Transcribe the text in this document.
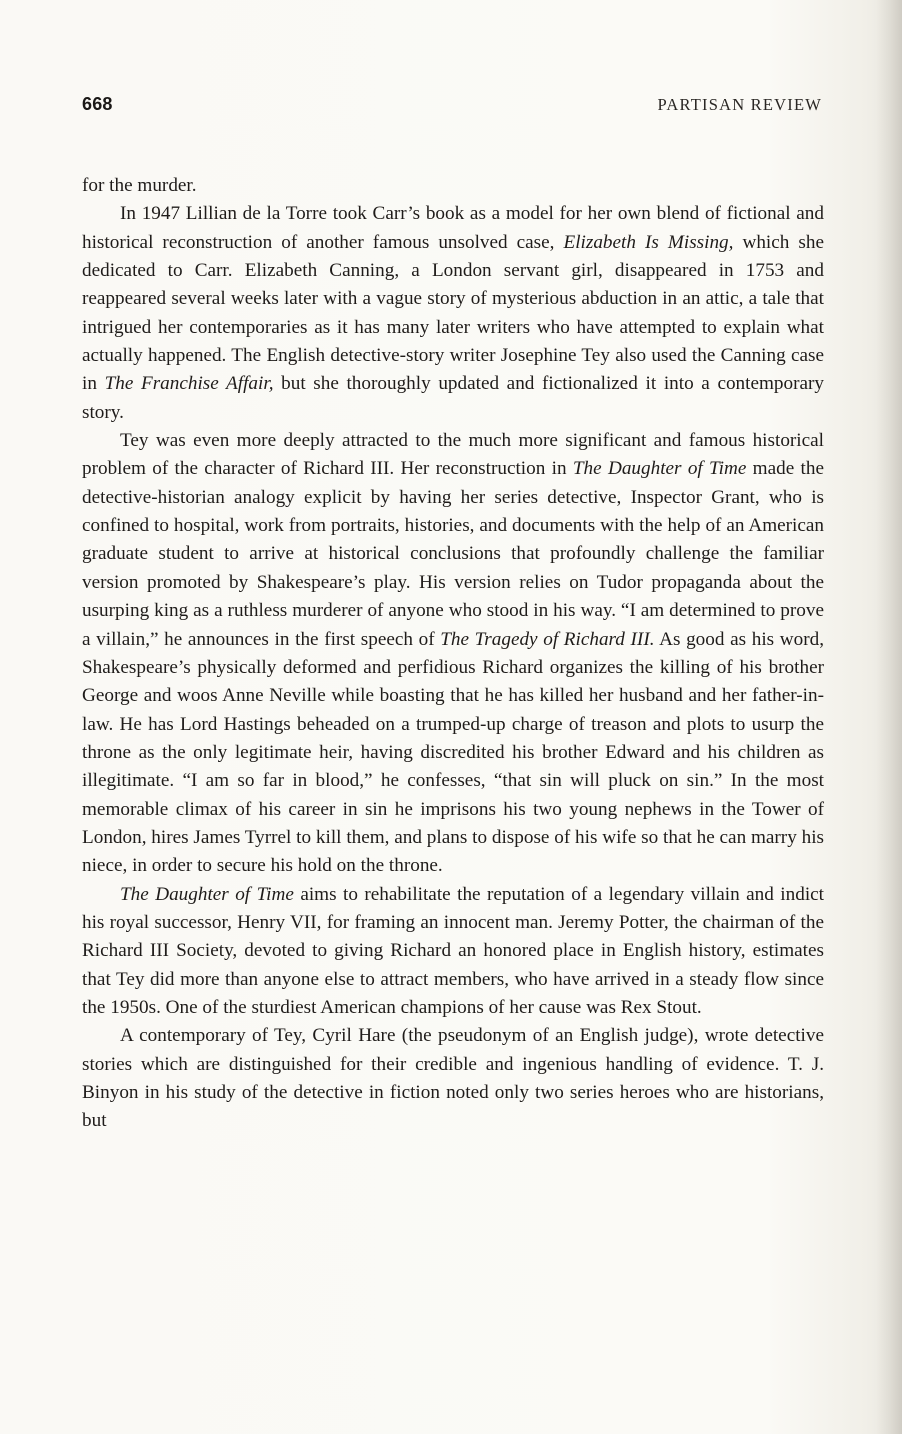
668	PARTISAN REVIEW

for the murder.

In 1947 Lillian de la Torre took Carr’s book as a model for her own blend of fictional and historical reconstruction of another famous unsolved case, Elizabeth Is Missing, which she dedicated to Carr. Elizabeth Canning, a London servant girl, disappeared in 1753 and reappeared several weeks later with a vague story of mysterious abduction in an attic, a tale that intrigued her contemporaries as it has many later writers who have attempted to explain what actually happened. The English detective-story writer Josephine Tey also used the Canning case in The Franchise Affair, but she thoroughly updated and fictionalized it into a contemporary story.

Tey was even more deeply attracted to the much more significant and famous historical problem of the character of Richard III. Her reconstruction in The Daughter of Time made the detective-historian analogy explicit by having her series detective, Inspector Grant, who is confined to hospital, work from portraits, histories, and documents with the help of an American graduate student to arrive at historical conclusions that profoundly challenge the familiar version promoted by Shakespeare’s play. His version relies on Tudor propaganda about the usurping king as a ruthless murderer of anyone who stood in his way. “I am determined to prove a villain,” he announces in the first speech of The Tragedy of Richard III. As good as his word, Shakespeare’s physically deformed and perfidious Richard organizes the killing of his brother George and woos Anne Neville while boasting that he has killed her husband and her father-in-law. He has Lord Hastings beheaded on a trumped-up charge of treason and plots to usurp the throne as the only legitimate heir, having discredited his brother Edward and his children as illegitimate. “I am so far in blood,” he confesses, “that sin will pluck on sin.” In the most memorable climax of his career in sin he imprisons his two young nephews in the Tower of London, hires James Tyrrel to kill them, and plans to dispose of his wife so that he can marry his niece, in order to secure his hold on the throne.

The Daughter of Time aims to rehabilitate the reputation of a legendary villain and indict his royal successor, Henry VII, for framing an innocent man. Jeremy Potter, the chairman of the Richard III Society, devoted to giving Richard an honored place in English history, estimates that Tey did more than anyone else to attract members, who have arrived in a steady flow since the 1950s. One of the sturdiest American champions of her cause was Rex Stout.

A contemporary of Tey, Cyril Hare (the pseudonym of an English judge), wrote detective stories which are distinguished for their credible and ingenious handling of evidence. T. J. Binyon in his study of the detective in fiction noted only two series heroes who are historians, but
